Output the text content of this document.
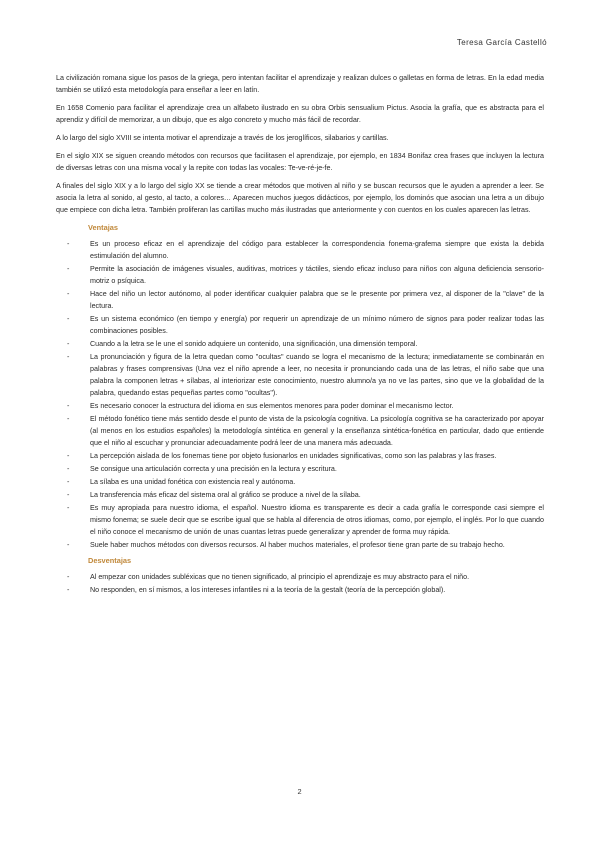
Teresa García Castelló

La civilización romana sigue los pasos de la griega, pero intentan facilitar el aprendizaje y realizan dulces o galletas en forma de letras. En la edad media también se utilizó esta metodología para enseñar a leer en latín.

En 1658 Comenio para facilitar el aprendizaje crea un alfabeto ilustrado en su obra Orbis sensualium Pictus. Asocia la grafía, que es abstracta para el aprendiz y difícil de memorizar, a un dibujo, que es algo concreto y mucho más fácil de recordar.

A lo largo del siglo XVIII se intenta motivar el aprendizaje a través de los jeroglíficos, silabarios y cartillas.

En el siglo XIX se siguen creando métodos con recursos que facilitasen el aprendizaje, por ejemplo, en 1834 Bonifaz crea frases que incluyen la lectura de diversas letras con una misma vocal y la repite con todas las vocales: Te-ve-ré-je-fe.

A finales del siglo XIX y a lo largo del siglo XX se tiende a crear métodos que motiven al niño y se buscan recursos que le ayuden a aprender a leer. Se asocia la letra al sonido, al gesto, al tacto, a colores… Aparecen muchos juegos didácticos, por ejemplo, los dominós que asocian una letra a un dibujo que empiece con dicha letra. También proliferan las cartillas mucho más ilustradas que anteriormente y con cuentos en los cuales aparecen las letras.

Ventajas
-	Es un proceso eficaz en el aprendizaje del código para establecer la correspondencia fonema-grafema siempre que exista la debida estimulación del alumno.
-	Permite la asociación de imágenes visuales, auditivas, motrices y táctiles, siendo eficaz incluso para niños con alguna deficiencia sensorio- motriz o psíquica.
-	Hace del niño un lector autónomo, al poder identificar cualquier palabra que se le presente por primera vez, al disponer de la "clave" de la lectura.
-	Es un sistema económico (en tiempo y energía) por requerir un aprendizaje de un mínimo número de signos para poder realizar todas las combinaciones posibles.
-	Cuando a la letra se le une el sonido adquiere un contenido, una significación, una dimensión temporal.
-	La pronunciación y figura de la letra quedan como "ocultas" cuando se logra el mecanismo de la lectura; inmediatamente se combinarán en palabras y frases comprensivas (Una vez el niño aprende a leer, no necesita ir pronunciando cada una de las letras, el niño sabe que una palabra la componen letras + sílabas, al interiorizar este conocimiento, nuestro alumno/a ya no ve las partes, sino que ve la globalidad de la palabra, quedando estas pequeñas partes como "ocultas").
-	Es necesario conocer la estructura del idioma en sus elementos menores para poder dominar el mecanismo lector.
-	El método fonético tiene más sentido desde el punto de vista de la psicología cognitiva. La psicología cognitiva se ha caracterizado por apoyar (al menos en los estudios españoles) la metodología sintética en general y la enseñanza sintética-fonética en particular, dado que entiende que el niño al escuchar y pronunciar adecuadamente podrá leer de una manera más adecuada.
-	La percepción aislada de los fonemas tiene por objeto fusionarlos en unidades significativas, como son las palabras y las frases.
-	Se consigue una articulación correcta y una precisión en la lectura y escritura.
-	La sílaba es una unidad fonética con existencia real y autónoma.
-	La transferencia más eficaz del sistema oral al gráfico se produce a nivel de la sílaba.
-	Es muy apropiada para nuestro idioma, el español. Nuestro idioma es transparente es decir a cada grafía le corresponde casi siempre el mismo fonema; se suele decir que se escribe igual que se habla al diferencia de otros idiomas, como, por ejemplo, el inglés. Por lo que cuando el niño conoce el mecanismo de unión de unas cuantas letras puede generalizar y aprender de forma muy rápida.
-	Suele haber muchos métodos con diversos recursos. Al haber muchos materiales, el profesor tiene gran parte de su trabajo hecho.
Desventajas
-	Al empezar con unidades subléxicas que no tienen significado, al principio el aprendizaje es muy abstracto para el niño.
-	No responden, en sí mismos, a los intereses infantiles ni a la teoría de la gestalt (teoría de la percepción global).
2
